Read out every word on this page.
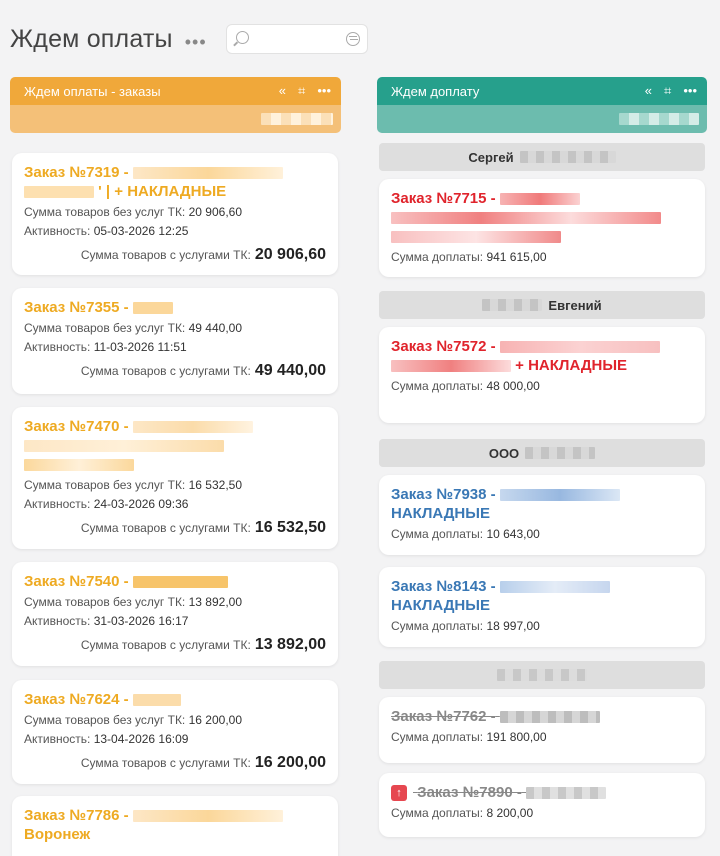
Ждем оплаты •••
Ждем оплаты - заказы	« ⌗ •••
Заказ №7319 -
' | + НАКЛАДНЫЕ
Сумма товаров без услуг ТК: 20 906,60
Активность: 05-03-2026 12:25
Сумма товаров с услугами ТК: 20 906,60
Заказ №7355 -
Сумма товаров без услуг ТК: 49 440,00
Активность: 11-03-2026 11:51
Сумма товаров с услугами ТК: 49 440,00
Заказ №7470 -

Сумма товаров без услуг ТК: 16 532,50
Активность: 24-03-2026 09:36
Сумма товаров с услугами ТК: 16 532,50
Заказ №7540 -
Сумма товаров без услуг ТК: 13 892,00
Активность: 31-03-2026 16:17
Сумма товаров с услугами ТК: 13 892,00
Заказ №7624 -
Сумма товаров без услуг ТК: 16 200,00
Активность: 13-04-2026 16:09
Сумма товаров с услугами ТК: 16 200,00
Заказ №7786 -
Воронеж
Ждем доплату	« ⌗ •••
Сергей
Заказ №7715 -

Сумма доплаты: 941 615,00
Евгений
Заказ №7572 -
+ НАКЛАДНЫЕ
Сумма доплаты: 48 000,00
ООО
Заказ №7938 -
НАКЛАДНЫЕ
Сумма доплаты: 10 643,00
Заказ №8143 -
НАКЛАДНЫЕ
Сумма доплаты: 18 997,00
Заказ №7762 -
Сумма доплаты: 191 800,00
↑ Заказ №7890 -
Сумма доплаты: 8 200,00
